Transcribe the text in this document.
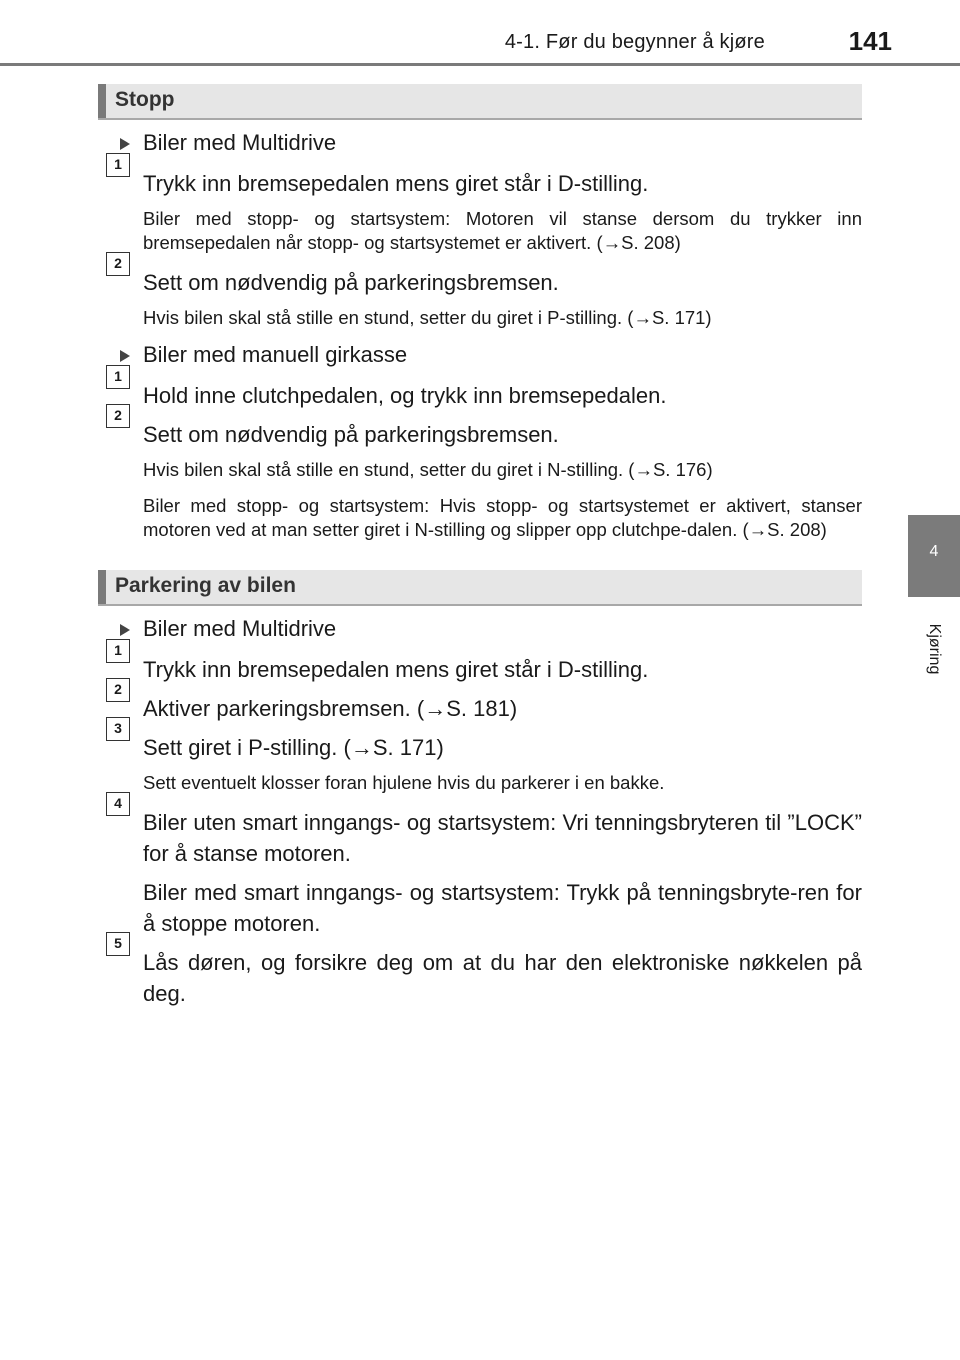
4-1. Før du begynner å kjøre	141
4
Kjøring
Stopp
Biler med Multidrive
1
Trykk inn bremsepedalen mens giret står i D-stilling.
Biler med stopp- og startsystem: Motoren vil stanse dersom du trykker inn bremsepedalen når stopp- og startsystemet er aktivert. (→S. 208)
2
Sett om nødvendig på parkeringsbremsen.
Hvis bilen skal stå stille en stund, setter du giret i P-stilling. (→S. 171)
Biler med manuell girkasse
1
Hold inne clutchpedalen, og trykk inn bremsepedalen.
2
Sett om nødvendig på parkeringsbremsen.
Hvis bilen skal stå stille en stund, setter du giret i N-stilling. (→S. 176)
Biler med stopp- og startsystem: Hvis stopp- og startsystemet er aktivert, stanser motoren ved at man setter giret i N-stilling og slipper opp clutchpe-dalen. (→S. 208)
Parkering av bilen
Biler med Multidrive
1
Trykk inn bremsepedalen mens giret står i D-stilling.
2
Aktiver parkeringsbremsen. (→S. 181)
3
Sett giret i P-stilling. (→S. 171)
Sett eventuelt klosser foran hjulene hvis du parkerer i en bakke.
4
Biler uten smart inngangs- og startsystem: Vri tenningsbryteren til ”LOCK” for å stanse motoren.
Biler med smart inngangs- og startsystem: Trykk på tenningsbryte-ren for å stoppe motoren.
5
Lås døren, og forsikre deg om at du har den elektroniske nøkkelen på deg.
